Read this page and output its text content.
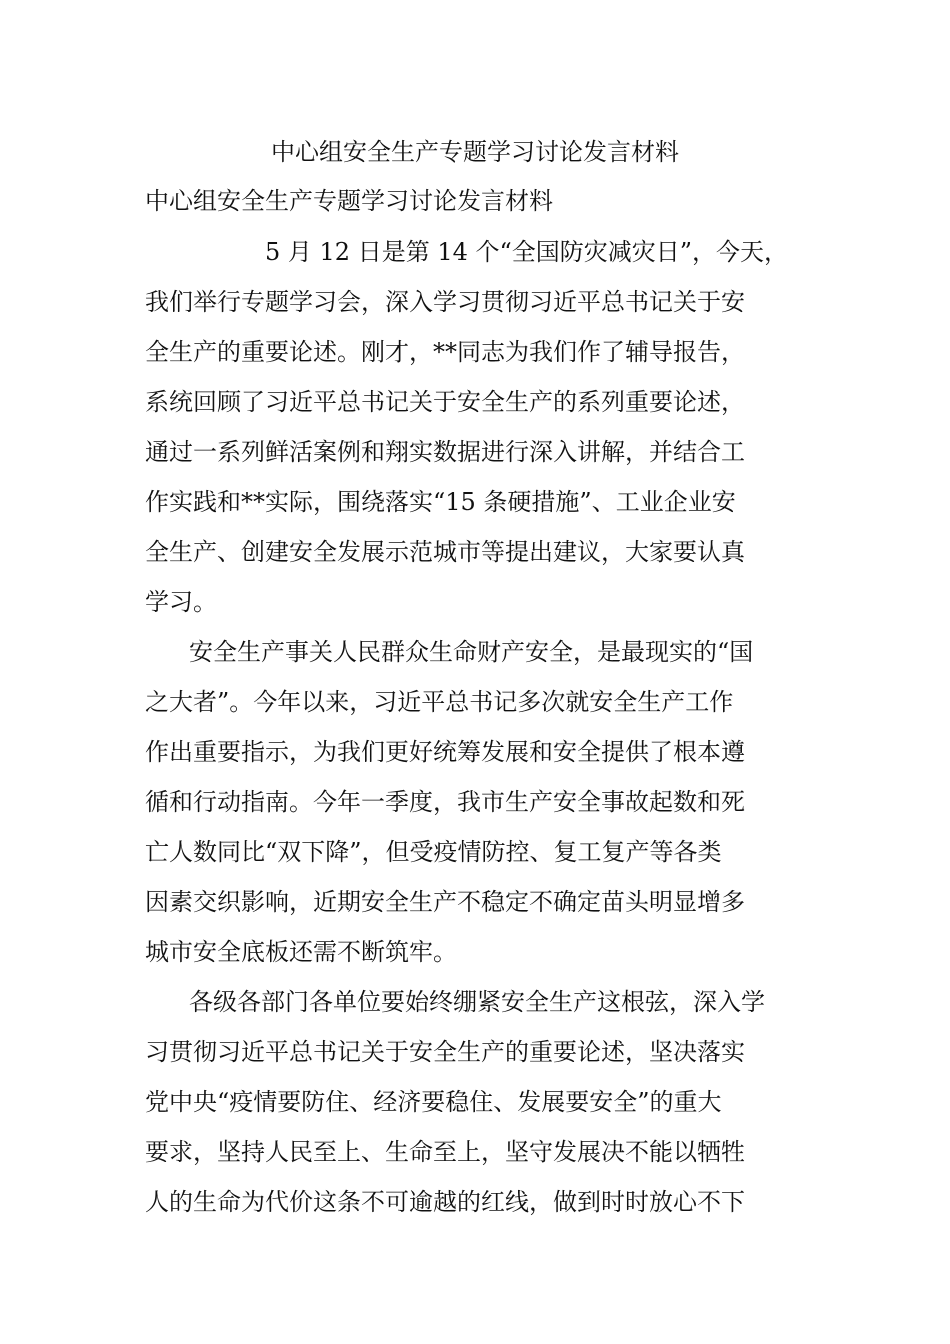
中心组安全生产专题学习讨论发言材料
中心组安全生产专题学习讨论发言材料
5 月 12 日是第 14 个“全国防灾减灾日”，今天，
我们举行专题学习会，深入学习贯彻习近平总书记关于安
全生产的重要论述。刚才，**同志为我们作了辅导报告，
系统回顾了习近平总书记关于安全生产的系列重要论述，
通过一系列鲜活案例和翔实数据进行深入讲解，并结合工
作实践和**实际，围绕落实“15 条硬措施”、工业企业安
全生产、创建安全发展示范城市等提出建议，大家要认真
学习。
安全生产事关人民群众生命财产安全，是最现实的“国
之大者”。今年以来，习近平总书记多次就安全生产工作
作出重要指示，为我们更好统筹发展和安全提供了根本遵
循和行动指南。今年一季度，我市生产安全事故起数和死
亡人数同比“双下降”，但受疫情防控、复工复产等各类
因素交织影响，近期安全生产不稳定不确定苗头明显增多
城市安全底板还需不断筑牢。
各级各部门各单位要始终绷紧安全生产这根弦，深入学
习贯彻习近平总书记关于安全生产的重要论述，坚决落实
党中央“疫情要防住、经济要稳住、发展要安全”的重大
要求，坚持人民至上、生命至上，坚守发展决不能以牺牲
人的生命为代价这条不可逾越的红线，做到时时放心不下
